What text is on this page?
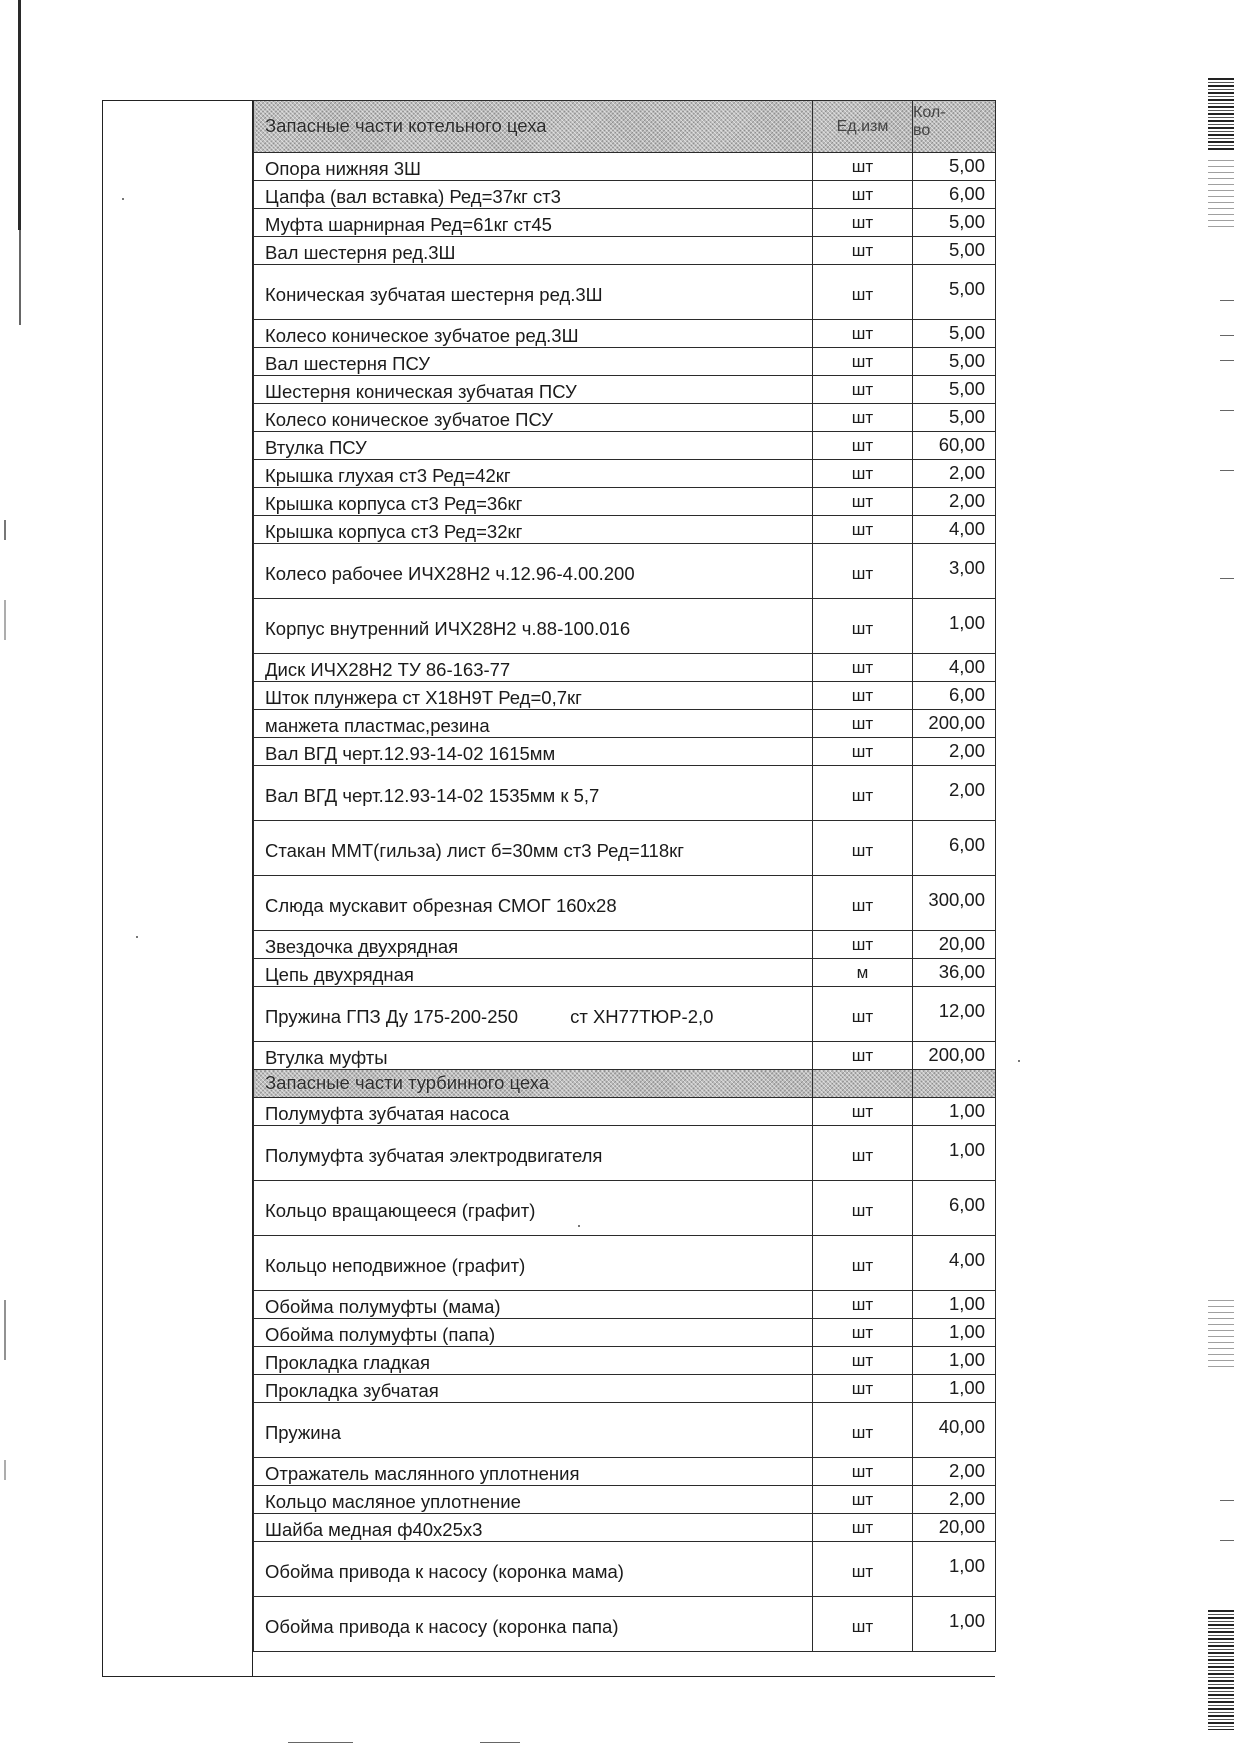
Запасные части котельного цеха	Ед.изм	Кол-
во

Опора нижняя 3Ш	шт	5,00
Цапфа (вал вставка) Ред=37кг ст3	шт	6,00
Муфта шарнирная Ред=61кг ст45	шт	5,00
Вал шестерня ред.3Ш	шт	5,00
Коническая зубчатая шестерня ред.3Ш	шт	5,00
Колесо коническое зубчатое ред.3Ш	шт	5,00
Вал шестерня ПСУ	шт	5,00
Шестерня коническая зубчатая ПСУ	шт	5,00
Колесо коническое зубчатое ПСУ	шт	5,00
Втулка ПСУ	шт	60,00
Крышка глухая ст3 Ред=42кг	шт	2,00
Крышка корпуса ст3 Ред=36кг	шт	2,00
Крышка корпуса ст3 Ред=32кг	шт	4,00
Колесо рабочее ИЧХ28Н2 ч.12.96-4.00.200	шт	3,00
Корпус внутренний ИЧХ28Н2 ч.88-100.016	шт	1,00
Диск ИЧХ28Н2 ТУ 86-163-77	шт	4,00
Шток плунжера ст Х18Н9Т Ред=0,7кг	шт	6,00
манжета пластмас,резина	шт	200,00
Вал ВГД черт.12.93-14-02 1615мм	шт	2,00
Вал ВГД черт.12.93-14-02 1535мм к 5,7	шт	2,00
Стакан ММТ(гильза) лист б=30мм ст3 Ред=118кг	шт	6,00
Слюда мускавит обрезная СМОГ 160х28	шт	300,00
Звездочка двухрядная	шт	20,00
Цепь двухрядная	м	36,00
Пружина ГПЗ Ду 175-200-250 ст ХН77ТЮР-2,0	шт	12,00
Втулка муфты	шт	200,00
Запасные части турбинного цеха		
Полумуфта зубчатая насоса	шт	1,00
Полумуфта зубчатая электродвигателя	шт	1,00
Кольцо вращающееся (графит)	шт	6,00
Кольцо неподвижное (графит)	шт	4,00
Обойма полумуфты (мама)	шт	1,00
Обойма полумуфты (папа)	шт	1,00
Прокладка гладкая	шт	1,00
Прокладка зубчатая	шт	1,00
Пружина	шт	40,00
Отражатель маслянного уплотнения	шт	2,00
Кольцо масляное уплотнение	шт	2,00
Шайба медная ф40х25х3	шт	20,00
Обойма привода к насосу (коронка мама)	шт	1,00
Обойма привода к насосу (коронка папа)	шт	1,00
